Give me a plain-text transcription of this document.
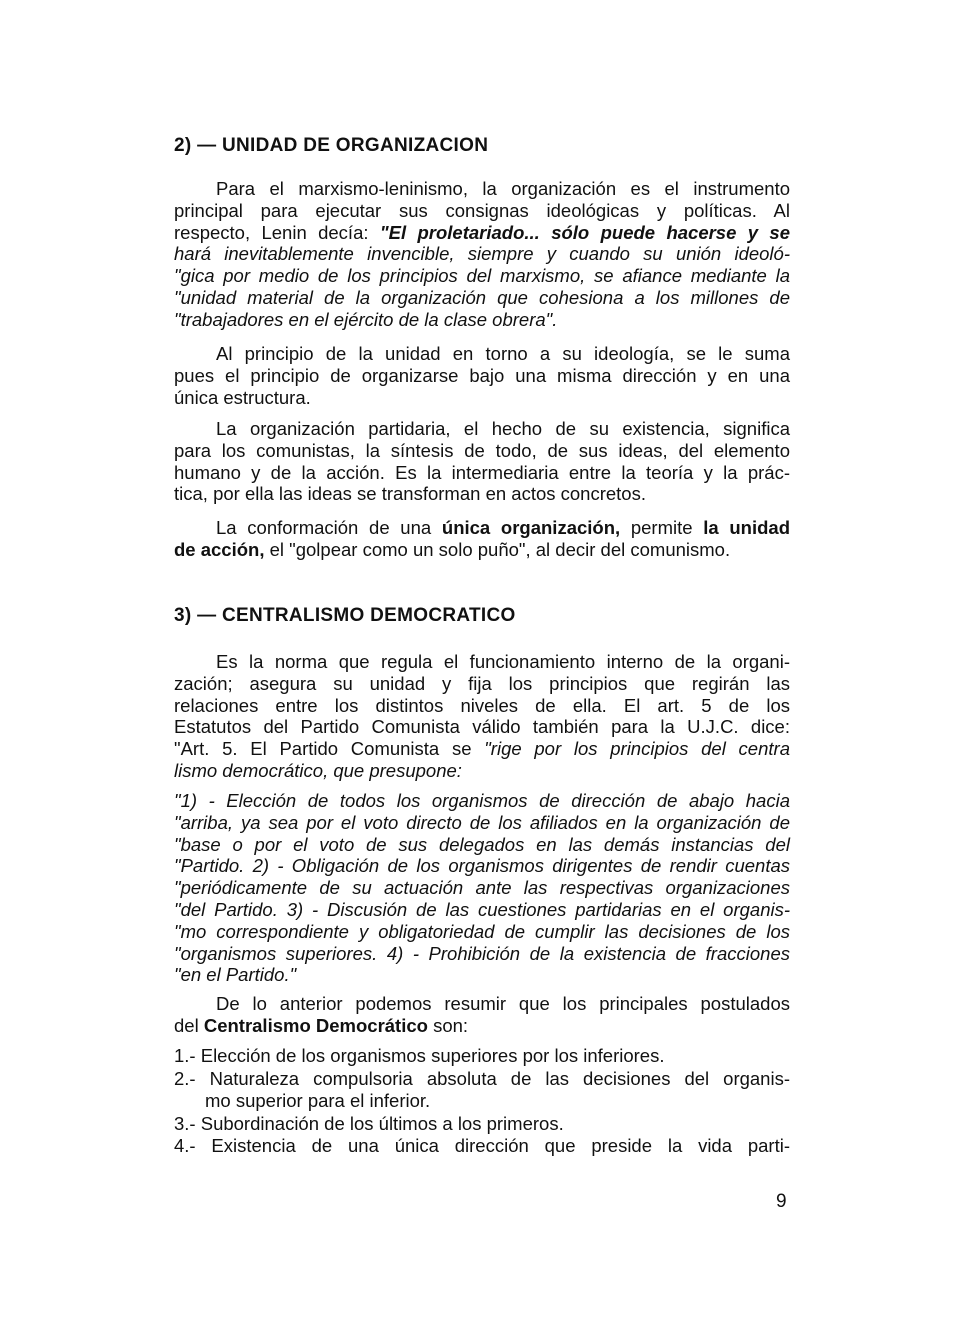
2) — UNIDAD DE ORGANIZACION
Para el marxismo-leninismo, la organización es el instrumento
principal para ejecutar sus consignas ideológicas y políticas. Al
respecto, Lenin decía: "El proletariado... sólo puede hacerse y se
hará inevitablemente invencible, siempre y cuando su unión ideoló-
"gica por medio de los principios del marxismo, se afiance mediante la
"unidad material de la organización que cohesiona a los millones de
"trabajadores en el ejército de la clase obrera".
Al principio de la unidad en torno a su ideología, se le suma
pues el principio de organizarse bajo una misma dirección y en una
única estructura.
La organización partidaria, el hecho de su existencia, significa
para los comunistas, la síntesis de todo, de sus ideas, del elemento
humano y de la acción. Es la intermediaria entre la teoría y la prác-
tica, por ella las ideas se transforman en actos concretos.
La conformación de una única organización, permite la unidad
de acción, el "golpear como un solo puño", al decir del comunismo.
3) — CENTRALISMO DEMOCRATICO
Es la norma que regula el funcionamiento interno de la organi-
zación; asegura su unidad y fija los principios que regirán las
relaciones entre los distintos niveles de ella. El art. 5 de los
Estatutos del Partido Comunista válido también para la U.J.C. dice:
"Art. 5. El Partido Comunista se "rige por los principios del centra
lismo democrático, que presupone:
"1) - Elección de todos los organismos de dirección de abajo hacia
"arriba, ya sea por el voto directo de los afiliados en la organización de
"base o por el voto de sus delegados en las demás instancias del
"Partido. 2) - Obligación de los organismos dirigentes de rendir cuentas
"periódicamente de su actuación ante las respectivas organizaciones
"del Partido. 3) - Discusión de las cuestiones partidarias en el organis-
"mo correspondiente y obligatoriedad de cumplir las decisiones de los
"organismos superiores. 4) - Prohibición de la existencia de fracciones
"en el Partido."
De lo anterior podemos resumir que los principales postulados
del Centralismo Democrático son:
1.- Elección de los organismos superiores por los inferiores.
2.- Naturaleza compulsoria absoluta de las decisiones del organis-
mo superior para el inferior.
3.- Subordinación de los últimos a los primeros.
4.- Existencia de una única dirección que preside la vida parti-
9
